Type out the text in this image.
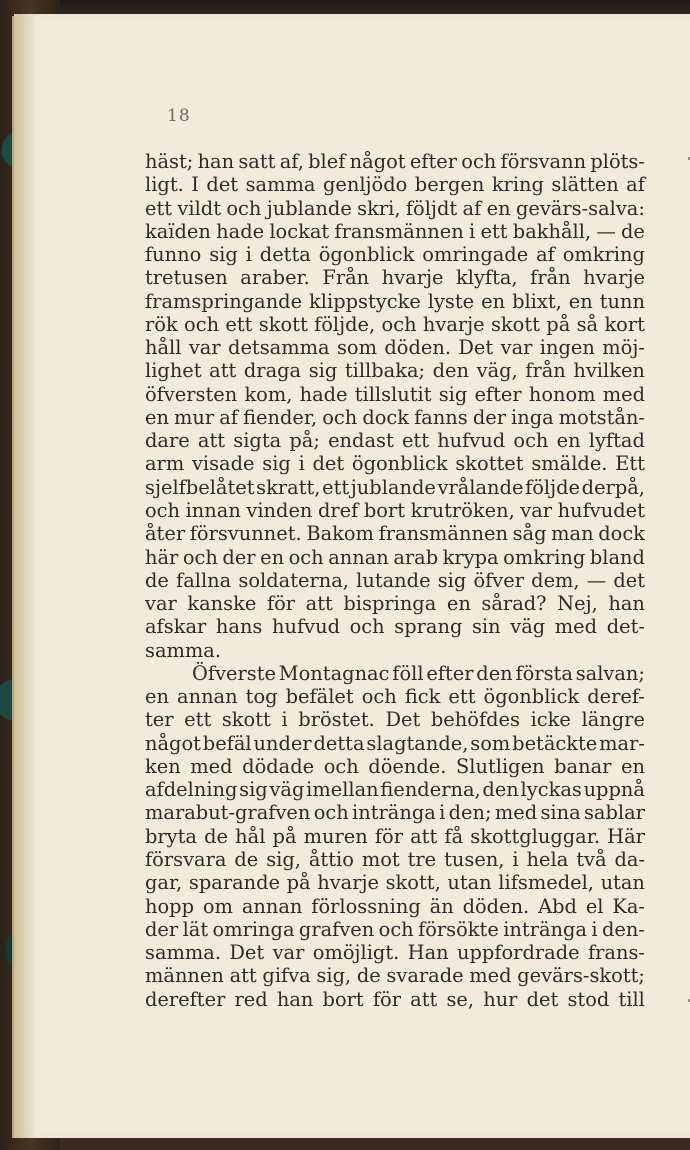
18
häst; han satt af, blef något efter och försvann plöts-
ligt. I det samma genljödo bergen kring slätten af
ett vildt och jublande skri, följdt af en gevärs-salva:
kaïden hade lockat fransmännen i ett bakhåll, — de
funno sig i detta ögonblick omringade af omkring
tretusen araber. Från hvarje klyfta, från hvarje
framspringande klippstycke lyste en blixt, en tunn
rök och ett skott följde, och hvarje skott på så kort
håll var detsamma som döden. Det var ingen möj-
lighet att draga sig tillbaka; den väg, från hvilken
öfversten kom, hade tillslutit sig efter honom med
en mur af fiender, och dock fanns der inga motstån-
dare att sigta på; endast ett hufvud och en lyftad
arm visade sig i det ögonblick skottet smälde. Ett
sjelfbelåtet skratt, ett jublande vrålande följde derpå,
och innan vinden dref bort krutröken, var hufvudet
åter försvunnet. Bakom fransmännen såg man dock
här och der en och annan arab krypa omkring bland
de fallna soldaterna, lutande sig öfver dem, — det
var kanske för att bispringa en sårad? Nej, han
afskar hans hufvud och sprang sin väg med det-
samma.
Öfverste Montagnac föll efter den första salvan;
en annan tog befälet och fick ett ögonblick deref-
ter ett skott i bröstet. Det behöfdes icke längre
något befäl under detta slagtande, som betäckte mar-
ken med dödade och döende. Slutligen banar en
afdelning sig väg imellan fienderna, den lyckas uppnå
marabut-grafven och inträngа i den; med sina sablar
bryta de hål på muren för att få skottgluggar. Här
försvara de sig, åttio mot tre tusen, i hela två da-
gar, sparande på hvarje skott, utan lifsmedel, utan
hopp om annan förlossning än döden. Abd el Ka-
der lät omringa grafven och försökte inträngа i den-
samma. Det var omöjligt. Han uppfordrade frans-
männen att gifva sig, de svarade med gevärs-skott;
derefter red han bort för att se, hur det stod till
